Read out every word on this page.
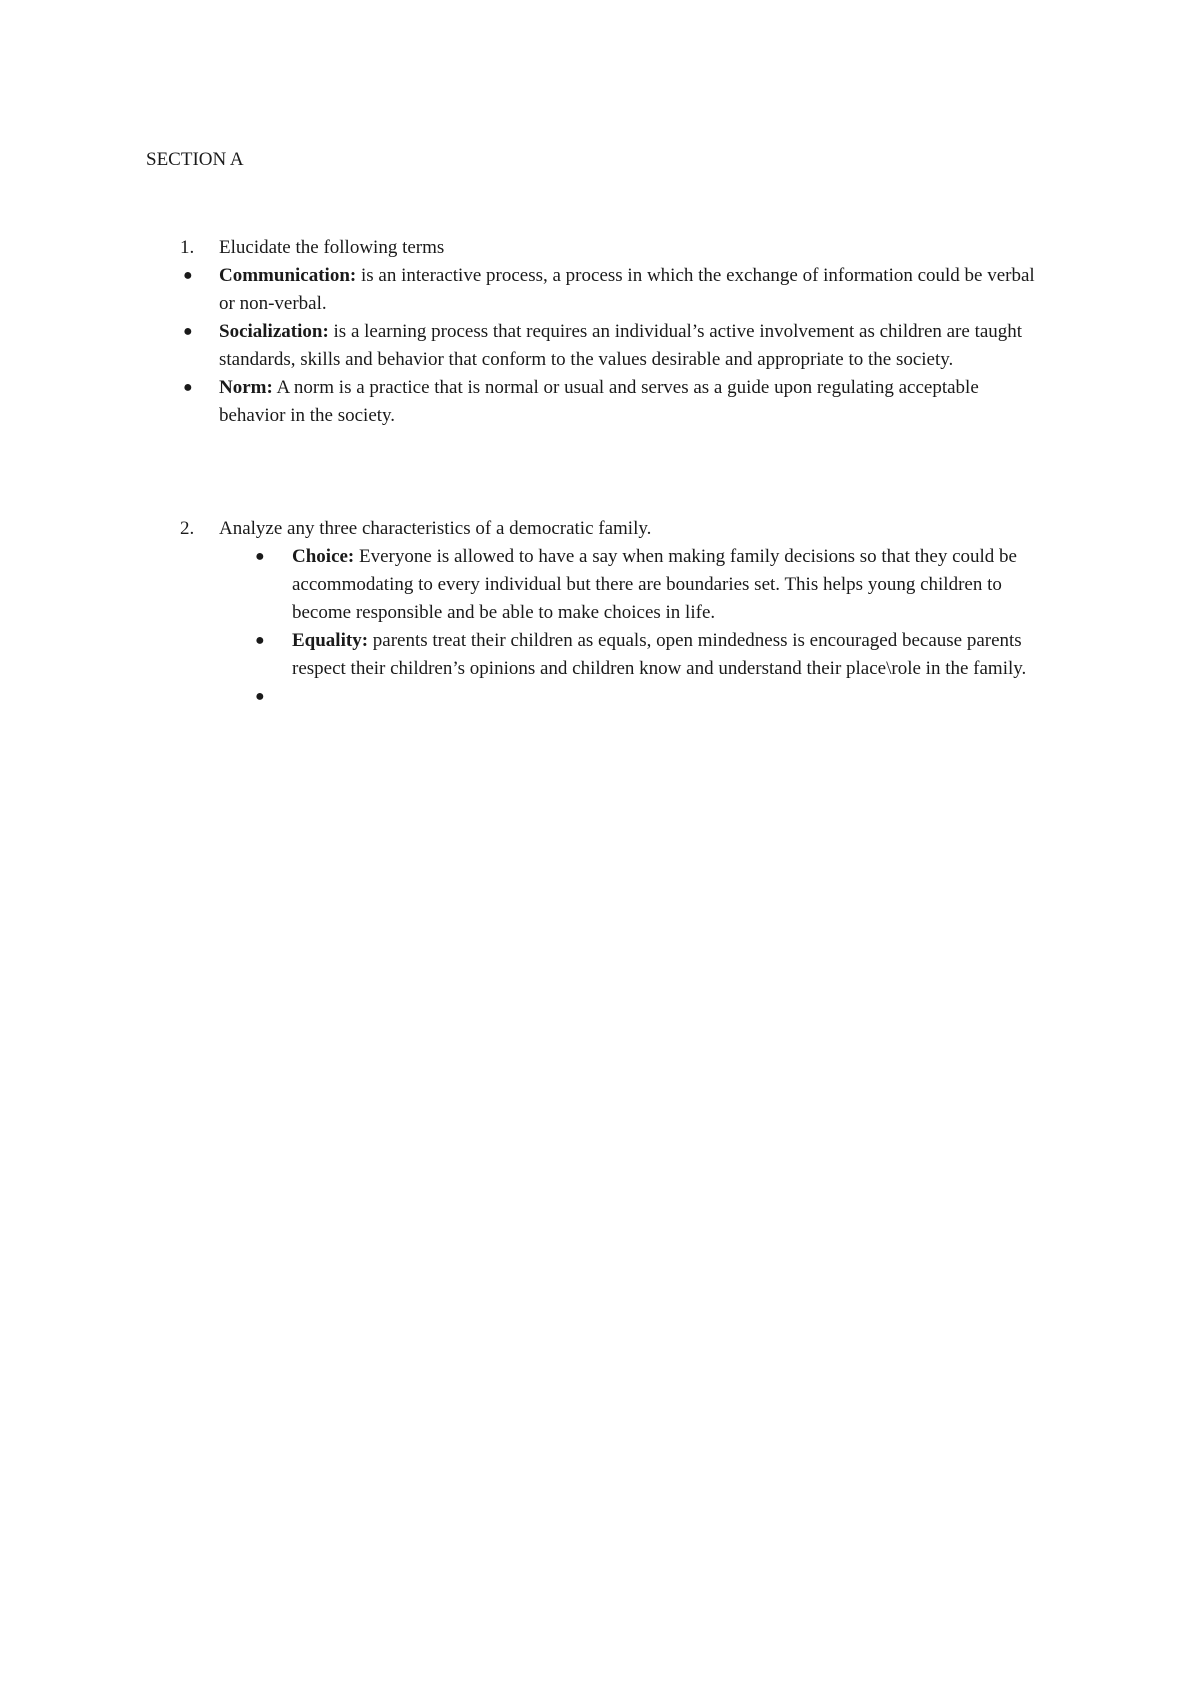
SECTION A
1. Elucidate the following terms
● Communication: is an interactive process, a process in which the exchange of information could be verbal or non-verbal.
● Socialization: is a learning process that requires an individual’s active involvement as children are taught standards, skills and behavior that conform to the values desirable and appropriate to the society.
● Norm: A norm is a practice that is normal or usual and serves as a guide upon regulating acceptable behavior in the society.
2. Analyze any three characteristics of a democratic family.
● Choice: Everyone is allowed to have a say when making family decisions so that they could be accommodating to every individual but there are boundaries set. This helps young children to become responsible and be able to make choices in life.
● Equality: parents treat their children as equals, open mindedness is encouraged because parents respect their children’s opinions and children know and understand their place\role in the family.
●
